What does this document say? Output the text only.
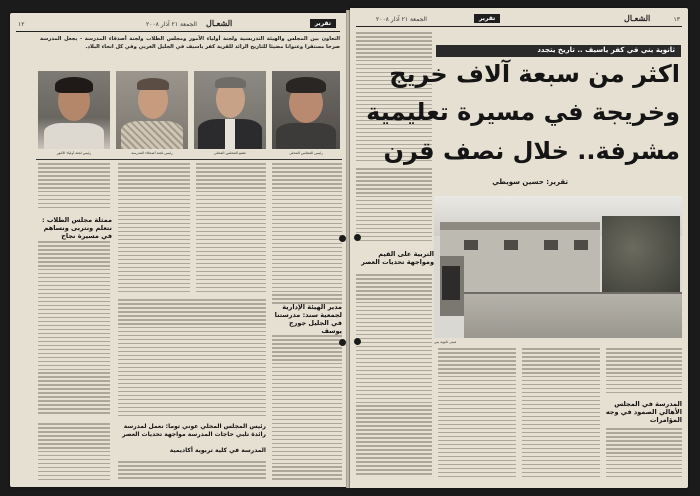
١٢	الجمعة ٢١ آذار ٢٠٠٨ الشعـال	تقرير
التعاون بين المجلس والهيئة التدريسية ولجنة أولياء الأمور ومجلس الطلاب ولجنة أصدقاء المدرسة - يجعل المدرسة صرحا مستقرا وعنوانا مضيئا للتاريخ الرائد للقرية كفر ياسيف في الجليل الغربي وفي كل انحاء البلاد.
رئيس لجنة أولياء الأمور	رئيس لجنة أصدقاء المدرسة	عضو المجلس المحلي	رئيس المجلس المحلي
ممثلة مجلس الطلاب : نتعلم ونتربى ونساهم في مسيرة نجاح
مدير الهيئة الإدارية لجمعية سند: مدرستنا في الجليل جورج يوسف
رئيس المجلس المحلي عوني توما: نعمل لمدرسة رائدة تلبي حاجات المدرسة مواجهة تحديات العصر
المدرسة في كلية تربوية أكاديمية
تقرير
الجمعة ٢١ آذار ٢٠٠٨	الشعـال	١٣
ثانوية يني في كفر ياسيف .. تاريخ يتجدد
اكثر من سبعة آلاف خريج
وخريجة في مسيرة تعليمية
مشرفة.. خلال نصف قرن
تقرير: حسين سويطي
مبنى ثانوية يني
التربية على القيم ومواجهة تحديات العصر
المدرسة في المجلس الأهالي الصمود في وجه المؤامرات
